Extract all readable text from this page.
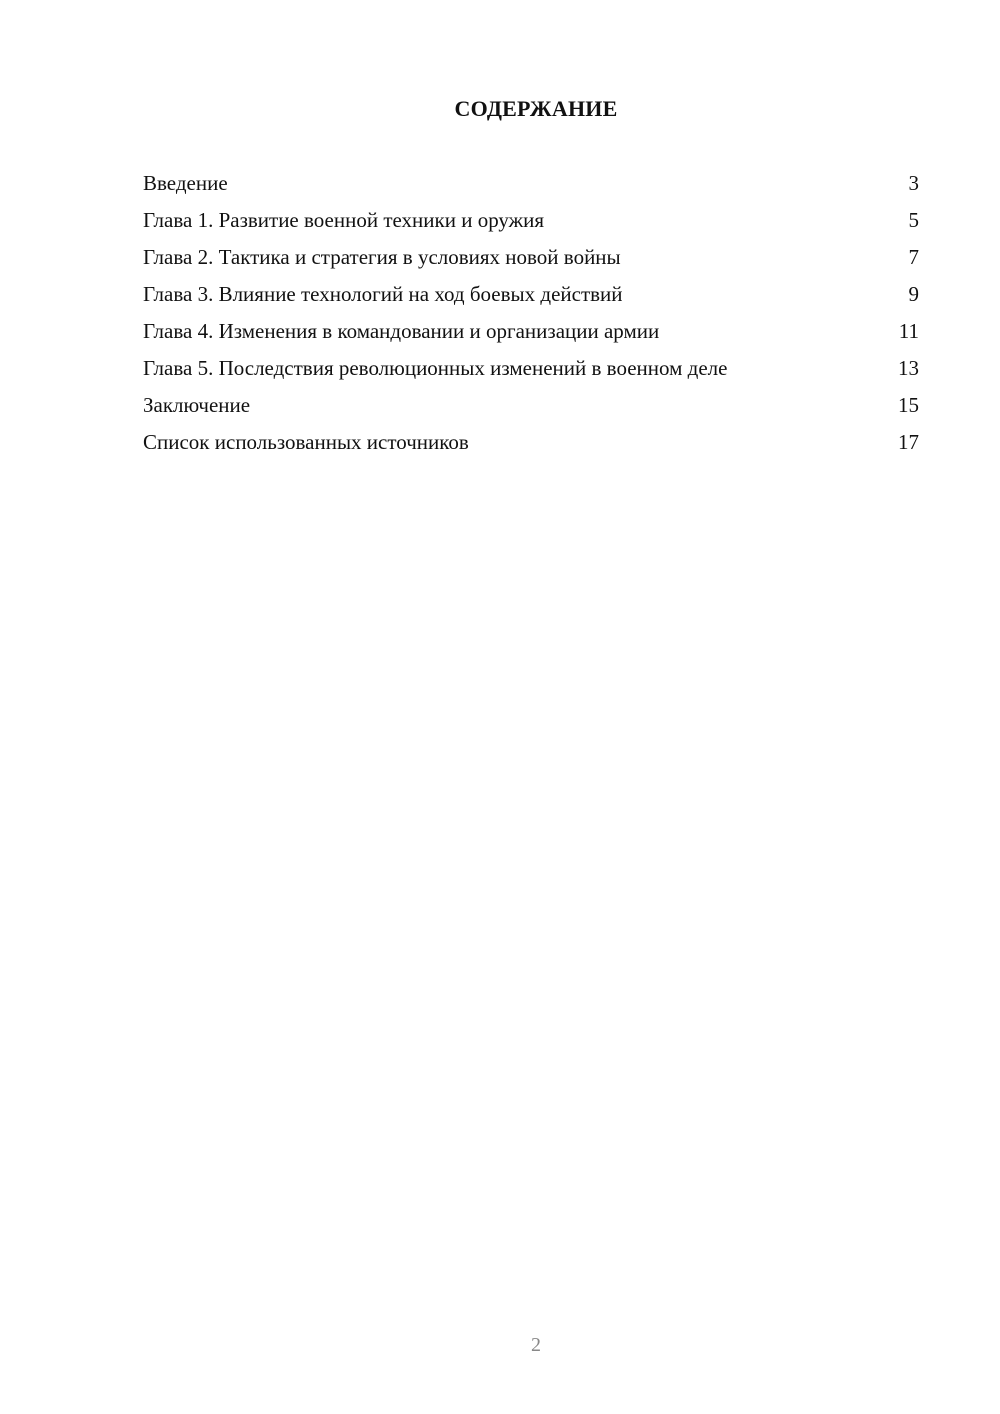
СОДЕРЖАНИЕ
Введение	3
Глава 1. Развитие военной техники и оружия	5
Глава 2. Тактика и стратегия в условиях новой войны	7
Глава 3. Влияние технологий на ход боевых действий	9
Глава 4. Изменения в командовании и организации армии	11
Глава 5. Последствия революционных изменений в военном деле	13
Заключение	15
Список использованных источников	17
2
